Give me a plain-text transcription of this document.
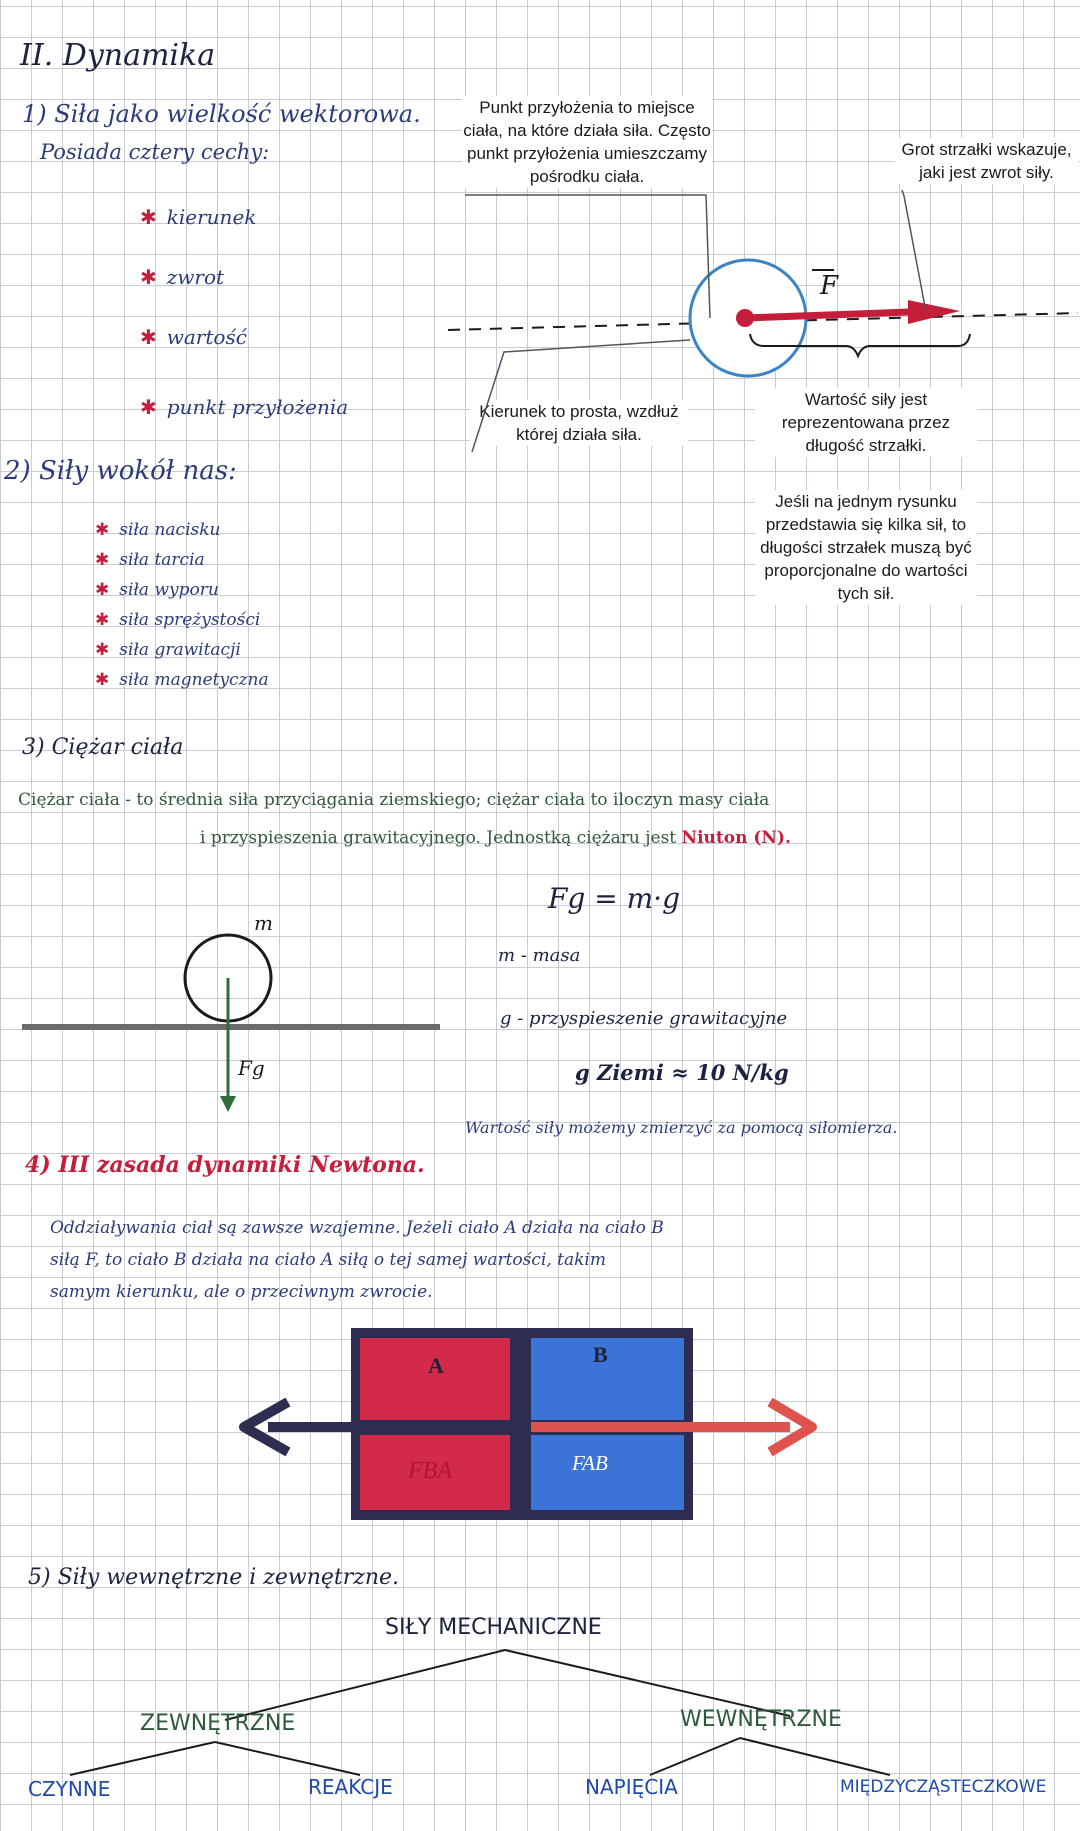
II. Dynamika
1) Siła jako wielkość wektorowa.
Posiada cztery cechy:
✱ kierunek
✱ zwrot
✱ wartość
✱ punkt przyłożenia
Punkt przyłożenia to miejsce ciała, na które działa siła. Często punkt przyłożenia umieszczamy pośrodku ciała.
Grot strzałki wskazuje, jaki jest zwrot siły.
Kierunek to prosta, wzdłuż której działa siła.
Wartość siły jest reprezentowana przez długość strzałki.
Jeśli na jednym rysunku przedstawia się kilka sił, to długości strzałek muszą być proporcjonalne do wartości tych sił.
2) Siły wokół nas:
✱ siła nacisku
✱ siła tarcia
✱ siła wyporu
✱ siła sprężystości
✱ siła grawitacji
✱ siła magnetyczna
3) Ciężar ciała
Ciężar ciała - to średnia siła przyciągania ziemskiego; ciężar ciała to iloczyn masy ciała
i przyspieszenia grawitacyjnego. Jednostką ciężaru jest Niuton (N).
Fg = m·g
m - masa
g - przyspieszenie grawitacyjne
g Ziemi ≈ 10 N/kg
Wartość siły możemy zmierzyć za pomocą siłomierza.
4) III zasada dynamiki Newtona.
Oddziaływania ciał są zawsze wzajemne. Jeżeli ciało A działa na ciało B
siłą F, to ciało B działa na ciało A siłą o tej samej wartości, takim
samym kierunku, ale o przeciwnym zwrocie.
5) Siły wewnętrzne i zewnętrzne.
F
m
Fg
A	B
FBA	FAB
SIŁY MECHANICZNE
ZEWNĘTRZNE	WEWNĘTRZNE
CZYNNE	REAKCJE	NAPIĘCIA	MIĘDZYCZĄSTECZKOWE
